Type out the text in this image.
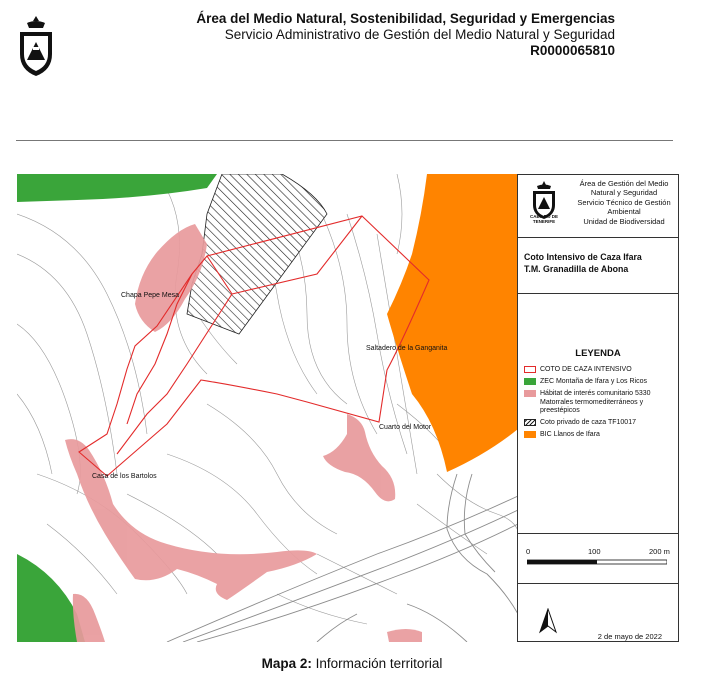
Área del Medio Natural, Sostenibilidad, Seguridad y Emergencias
Servicio Administrativo de Gestión del Medio Natural y Seguridad
R0000065810
Chapa Pepe Mesa
Saltadero de la Ganganita
Cuarto del Motor
Casa de los Bartolos
CABILDO DE TENERIFE
Área de Gestión del Medio Natural y Seguridad
Servicio Técnico de Gestión Ambiental
Unidad de Biodiversidad
Coto Intensivo de Caza Ifara
T.M. Granadilla de Abona
LEYENDA
COTO DE CAZA INTENSIVO
ZEC Montaña de Ifara y Los Ricos
Hábitat de interés comunitario 5330 Matorrales termomediterráneos y preestépicos
Coto privado de caza TF10017
BIC Llanos de Ifara
0	100	200 m
2 de mayo de 2022
Mapa 2: Información territorial
